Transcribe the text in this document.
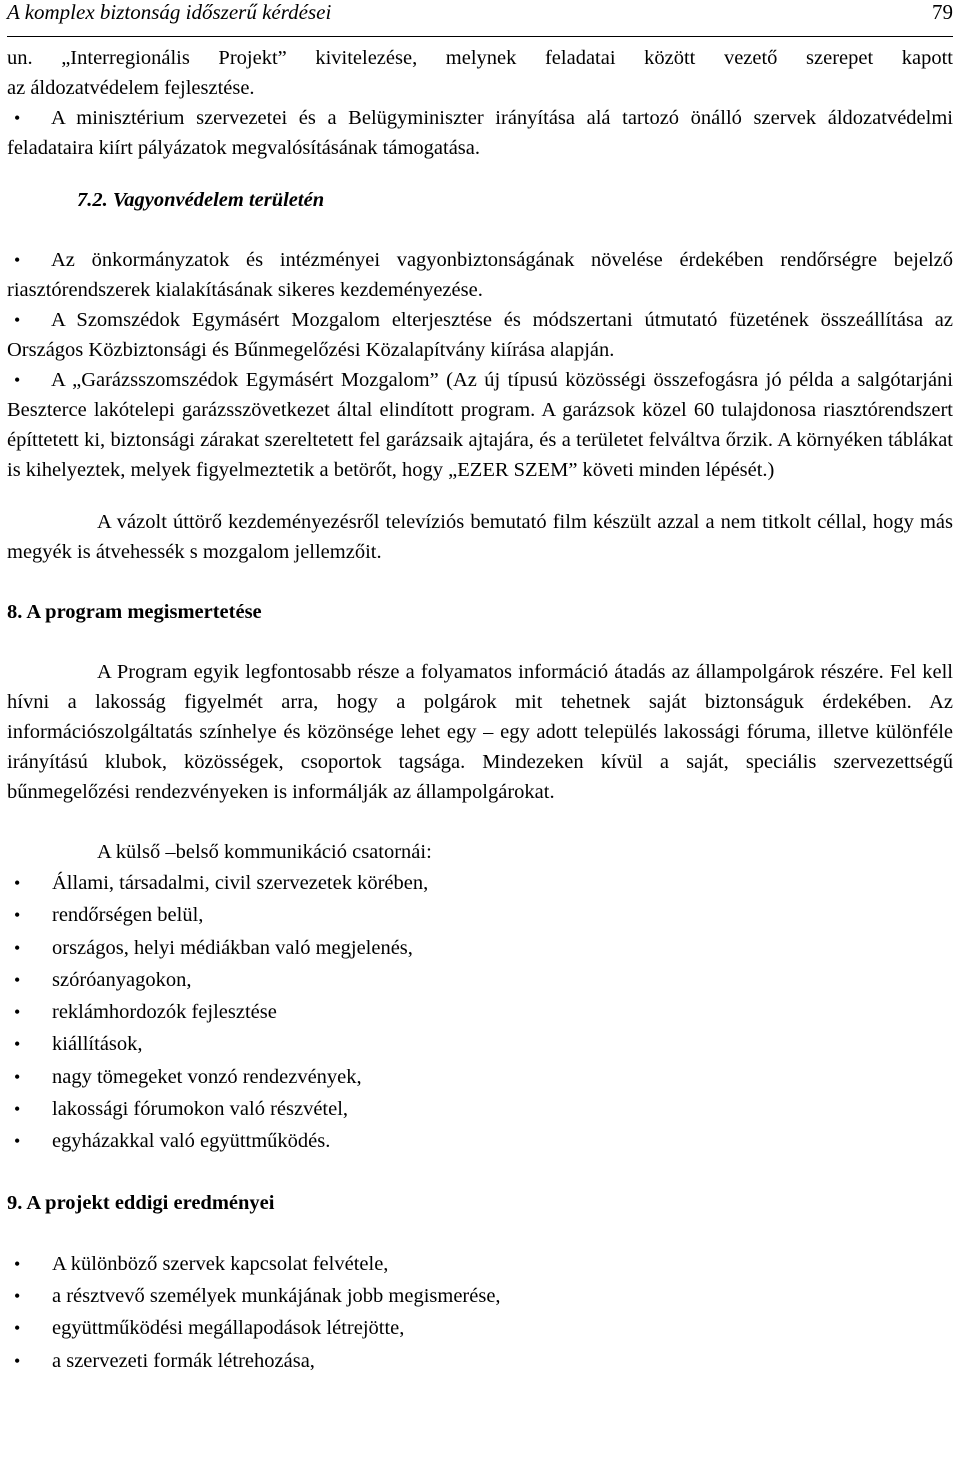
A komplex biztonság időszerű kérdései	79

un. „Interregionális Projekt” kivitelezése, melynek feladatai között vezető szerepet kapott

az áldozatvédelem fejlesztése.

•	A minisztérium szervezetei és a Belügyminiszter irányítása alá tartozó önálló szervek áldozatvédelmi feladataira kiírt pályázatok megvalósításának támogatása.

7.2. Vagyonvédelem területén

•	Az önkormányzatok és intézményei vagyonbiztonságának növelése érdekében rendőrségre bejelző riasztórendszerek kialakításának sikeres kezdeményezése.

•	A Szomszédok Egymásért Mozgalom elterjesztése és módszertani útmutató füzetének összeállítása az Országos Közbiztonsági és Bűnmegelőzési Közalapítvány kiírása alapján.

•	A „Garázsszomszédok Egymásért Mozgalom” (Az új típusú közösségi összefogásra jó példa a salgótarjáni Beszterce lakótelepi garázsszövetkezet által elindított program. A garázsok közel 60 tulajdonosa riasztórendszert építtetett ki, biztonsági zárakat szereltetett fel garázsaik ajtajára, és a területet felváltva őrzik. A környéken táblákat is kihelyeztek, melyek figyelmeztetik a betörőt, hogy „EZER SZEM” követi minden lépését.)

A vázolt úttörő kezdeményezésről televíziós bemutató film készült azzal a nem titkolt céllal, hogy más megyék is átvehessék s mozgalom jellemzőit.

8. A program megismertetése

A Program egyik legfontosabb része a folyamatos információ átadás az állampolgárok részére. Fel kell hívni a lakosság figyelmét arra, hogy a polgárok mit tehetnek saját biztonságuk érdekében. Az információszolgáltatás színhelye és közönsége lehet egy – egy adott település lakossági fóruma, illetve különféle irányítású klubok, közösségek, csoportok tagsága. Mindezeken kívül a saját, speciális szervezettségű bűnmegelőzési rendezvényeken is informálják az állampolgárokat.

A külső –belső kommunikáció csatornái:

• Állami, társadalmi, civil szervezetek körében,
• rendőrségen belül,
• országos, helyi médiákban való megjelenés,
• szóróanyagokon,
• reklámhordozók fejlesztése
• kiállítások,
• nagy tömegeket vonzó rendezvények,
• lakossági fórumokon való részvétel,
• egyházakkal való együttműködés.
9. A projekt eddigi eredményei
• A különböző szervek kapcsolat felvétele,
• a résztvevő személyek munkájának jobb megismerése,
• együttműködési megállapodások létrejötte,
• a szervezeti formák létrehozása,
